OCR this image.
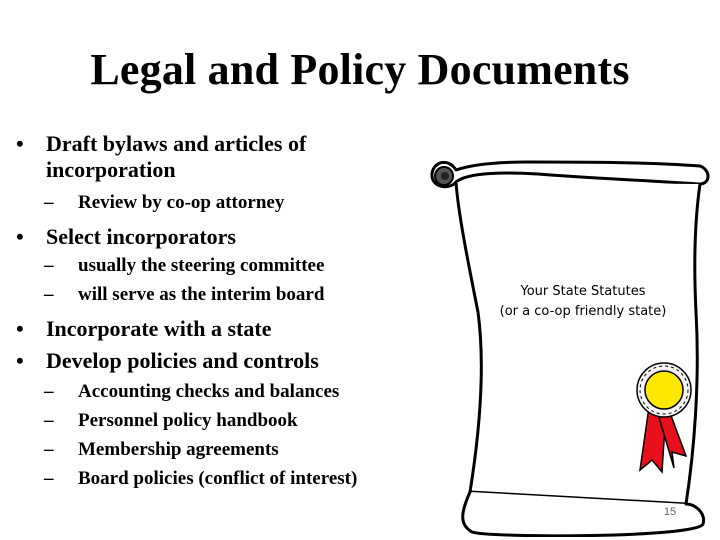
Legal and Policy Documents
• Draft bylaws and articles of
incorporation
– Review by co-op attorney
• Select incorporators
– usually the steering committee
– will serve as the interim board
• Incorporate with a state
• Develop policies and controls
– Accounting checks and balances
– Personnel policy handbook
– Membership agreements
– Board policies (conflict of interest)
Your State Statutes
(or a co-op friendly state)
15
